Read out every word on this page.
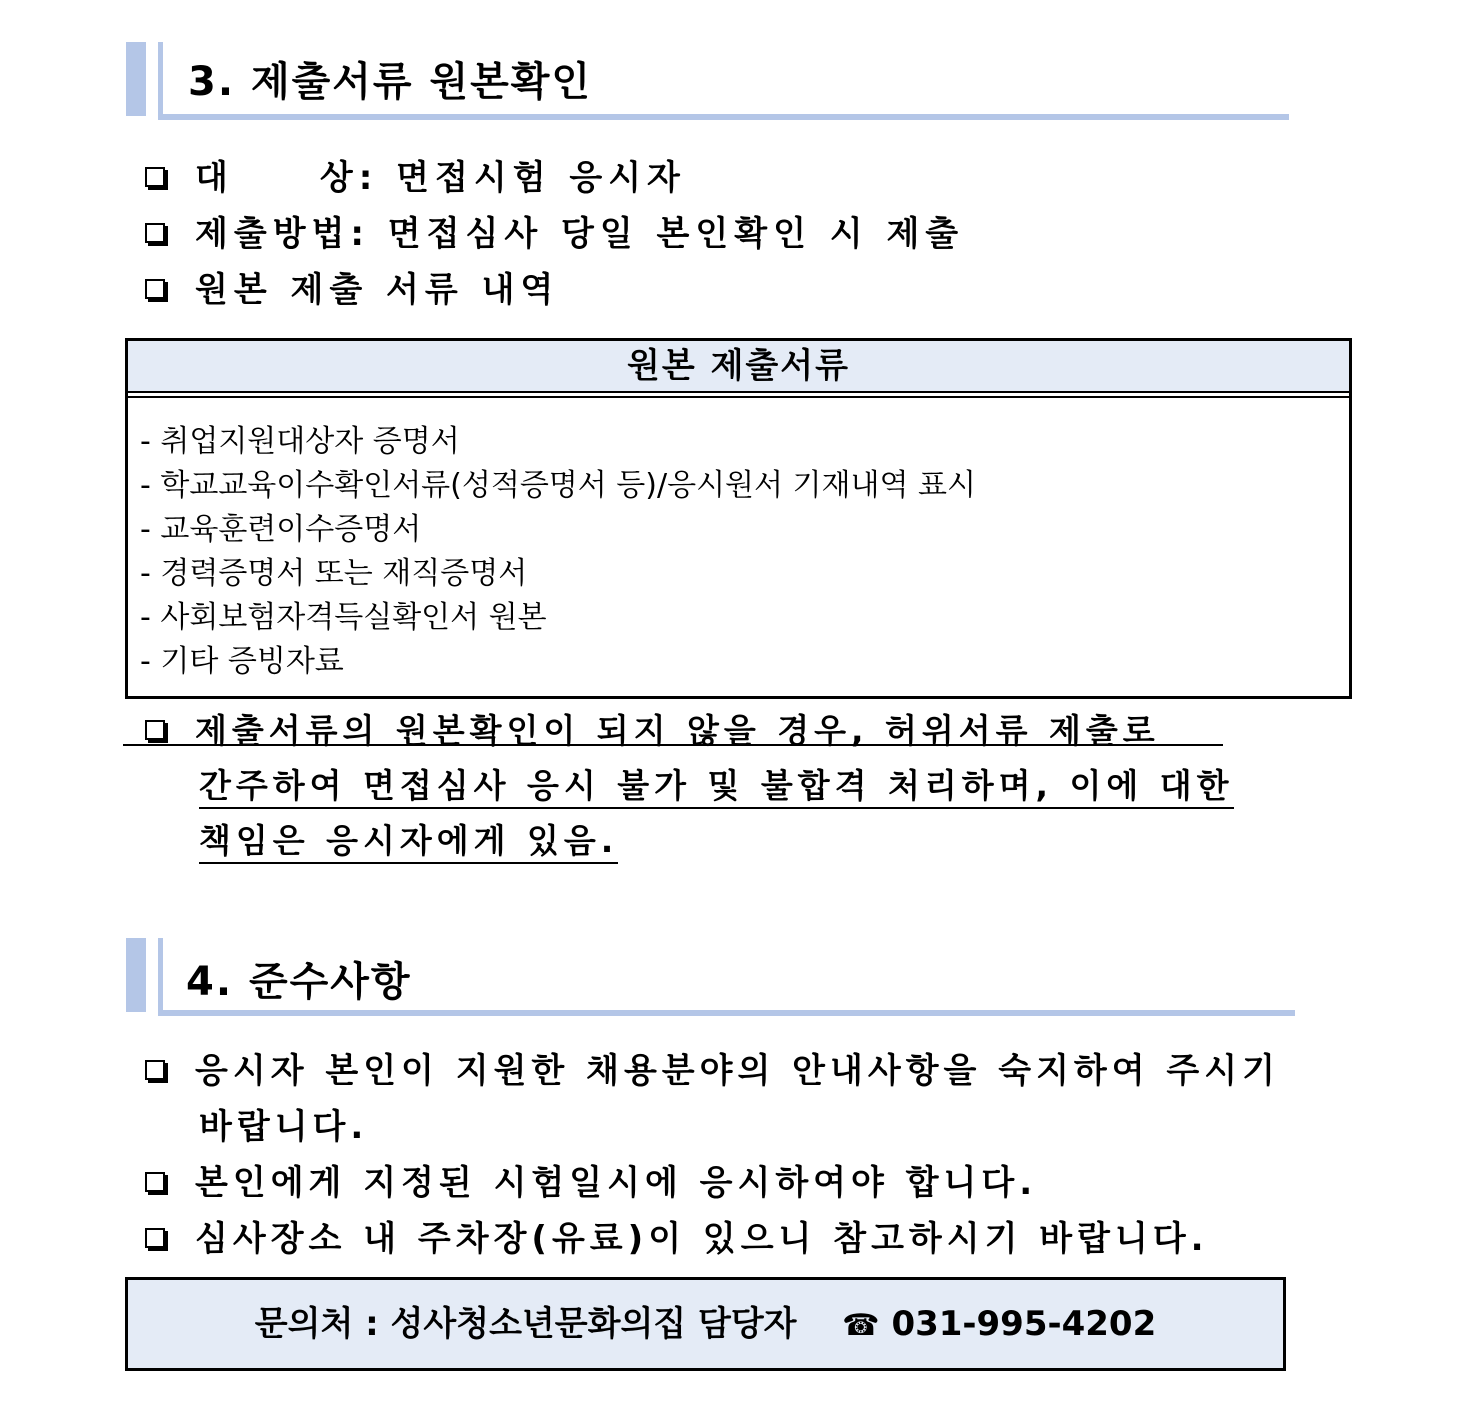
3. 제출서류 원본확인
대	상: 면접시험 응시자
제출방법: 면접심사 당일 본인확인 시 제출
원본 제출 서류 내역
원본 제출서류
- 취업지원대상자 증명서
- 학교교육이수확인서류(성적증명서 등)/응시원서 기재내역 표시
- 교육훈련이수증명서
- 경력증명서 또는 재직증명서
- 사회보험자격득실확인서 원본
- 기타 증빙자료
제출서류의 원본확인이 되지 않을 경우, 허위서류 제출로
간주하여 면접심사 응시 불가 및 불합격 처리하며, 이에 대한
책임은 응시자에게 있음.
4. 준수사항
응시자 본인이 지원한 채용분야의 안내사항을 숙지하여 주시기
바랍니다.
본인에게 지정된 시험일시에 응시하여야 합니다.
심사장소 내 주차장(유료)이 있으니 참고하시기 바랍니다.
문의처 : 성사청소년문화의집 담당자 ☎ 031-995-4202
